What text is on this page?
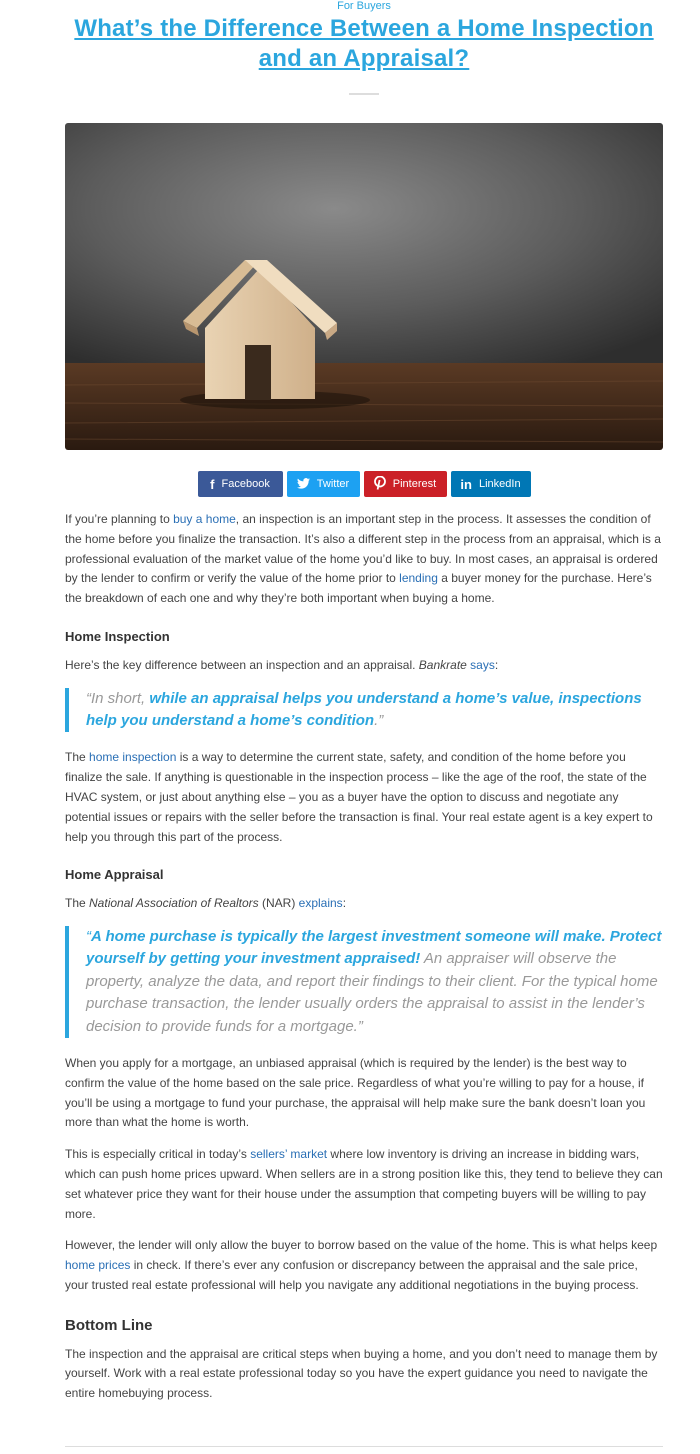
For Buyers
What’s the Difference Between a Home Inspection and an Appraisal?
f Facebook	Twitter	Pinterest in LinkedIn

If you’re planning to buy a home, an inspection is an important step in the process. It assesses the condition of the home before you finalize the transaction. It’s also a different step in the process from an appraisal, which is a professional evaluation of the market value of the home you’d like to buy. In most cases, an appraisal is ordered by the lender to confirm or verify the value of the home prior to lending a buyer money for the purchase. Here’s the breakdown of each one and why they’re both important when buying a home.

Home Inspection

Here’s the key difference between an inspection and an appraisal. Bankrate says:

“In short, while an appraisal helps you understand a home’s value, inspections help you understand a home’s condition.”

The home inspection is a way to determine the current state, safety, and condition of the home before you finalize the sale. If anything is questionable in the inspection process – like the age of the roof, the state of the HVAC system, or just about anything else – you as a buyer have the option to discuss and negotiate any potential issues or repairs with the seller before the transaction is final. Your real estate agent is a key expert to help you through this part of the process.

Home Appraisal

The National Association of Realtors (NAR) explains:

“A home purchase is typically the largest investment someone will make. Protect yourself by getting your investment appraised! An appraiser will observe the property, analyze the data, and report their findings to their client. For the typical home purchase transaction, the lender usually orders the appraisal to assist in the lender’s decision to provide funds for a mortgage.”

When you apply for a mortgage, an unbiased appraisal (which is required by the lender) is the best way to confirm the value of the home based on the sale price. Regardless of what you’re willing to pay for a house, if you’ll be using a mortgage to fund your purchase, the appraisal will help make sure the bank doesn’t loan you more than what the home is worth.

This is especially critical in today’s sellers’ market where low inventory is driving an increase in bidding wars, which can push home prices upward. When sellers are in a strong position like this, they tend to believe they can set whatever price they want for their house under the assumption that competing buyers will be willing to pay more.

However, the lender will only allow the buyer to borrow based on the value of the home. This is what helps keep home prices in check. If there’s ever any confusion or discrepancy between the appraisal and the sale price, your trusted real estate professional will help you navigate any additional negotiations in the buying process.

Bottom Line

The inspection and the appraisal are critical steps when buying a home, and you don’t need to manage them by yourself. Work with a real estate professional today so you have the expert guidance you need to navigate the entire homebuying process.
